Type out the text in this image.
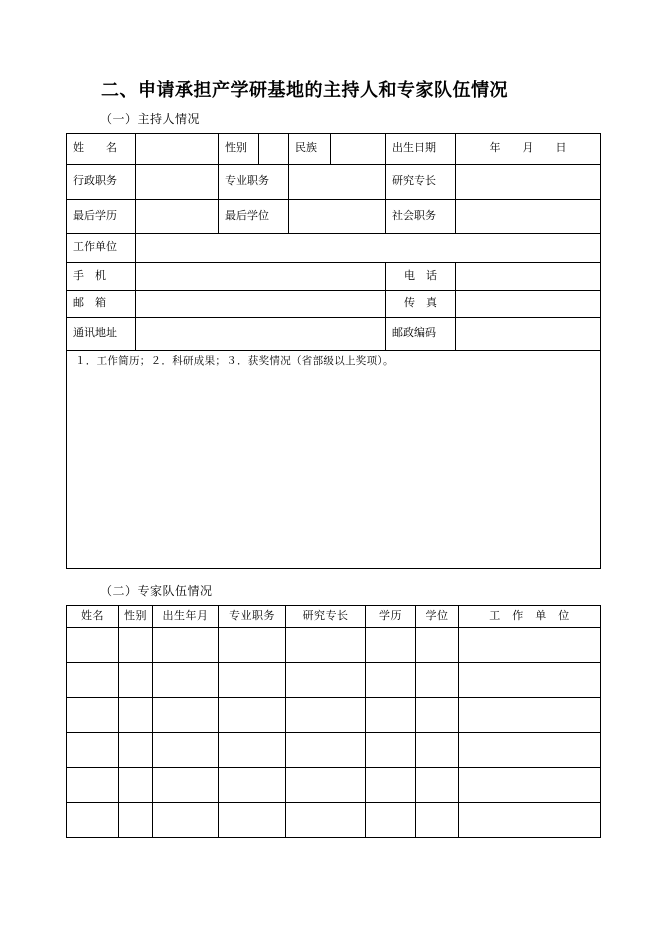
二、申请承担产学研基地的主持人和专家队伍情况
（一）主持人情况
姓　　名		性别		民族		出生日期	年　　月　　日
行政职务		专业职务				研究专长	
最后学历		最后学位				社会职务	
工作单位							
手　机						电　话	
邮　箱						传　真	
通讯地址						邮政编码	
１．工作简历；２．科研成果；３．获奖情况（省部级以上奖项）。							
（二）专家队伍情况
姓名	性别	出生年月	专业职务	研究专长	学历	学位	工　作　单　位
